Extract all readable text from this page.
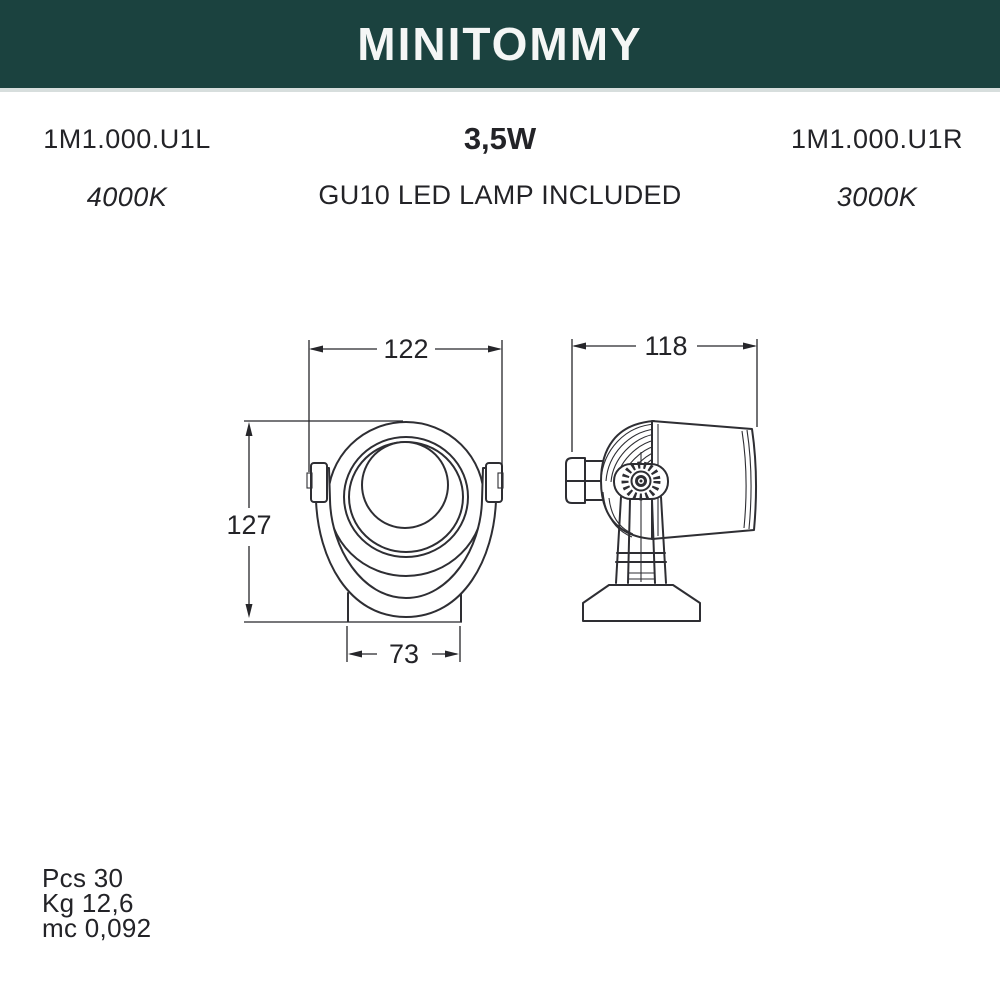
MINITOMMY
1M1.000.U1L
4000K
3,5W
GU10 LED LAMP INCLUDED
1M1.000.U1R
3000K
122
127
73
118
Pcs 30
Kg 12,6
mc 0,092
